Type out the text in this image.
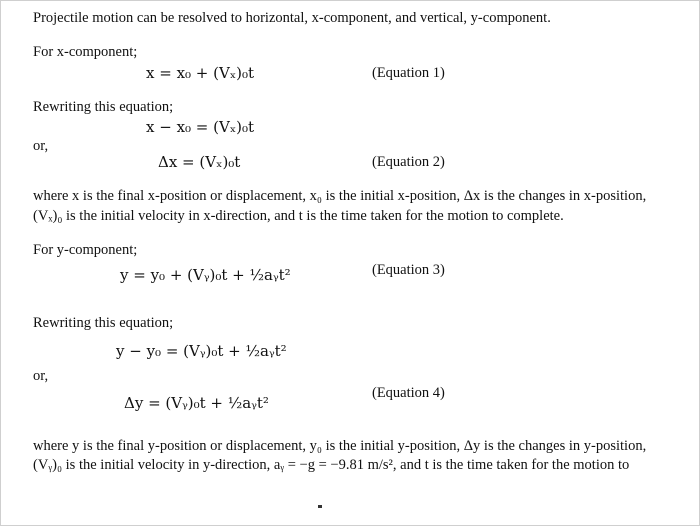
Projectile motion can be resolved to horizontal, x-component, and vertical, y-component.
For x-component;
x = x₀ + (Vₓ)₀t	(Equation 1)
Rewriting this equation;
x − x₀ = (Vₓ)₀t
or,
Δx = (Vₓ)₀t	(Equation 2)
where x is the final x-position or displacement, x₀ is the initial x-position, Δx is the changes in x-position,
(Vₓ)₀ is the initial velocity in x-direction, and t is the time taken for the motion to complete.
For y-component;
y = y₀ + (Vᵧ)₀t + ½aᵧt²	(Equation 3)
Rewriting this equation;
y − y₀ = (Vᵧ)₀t + ½aᵧt²
or,
Δy = (Vᵧ)₀t + ½aᵧt²
(Equation 4)
where y is the final y-position or displacement, y₀ is the initial y-position, Δy is the changes in y-position,
(Vᵧ)₀ is the initial velocity in y-direction, aᵧ = −g = −9.81 m/s², and t is the time taken for the motion to
